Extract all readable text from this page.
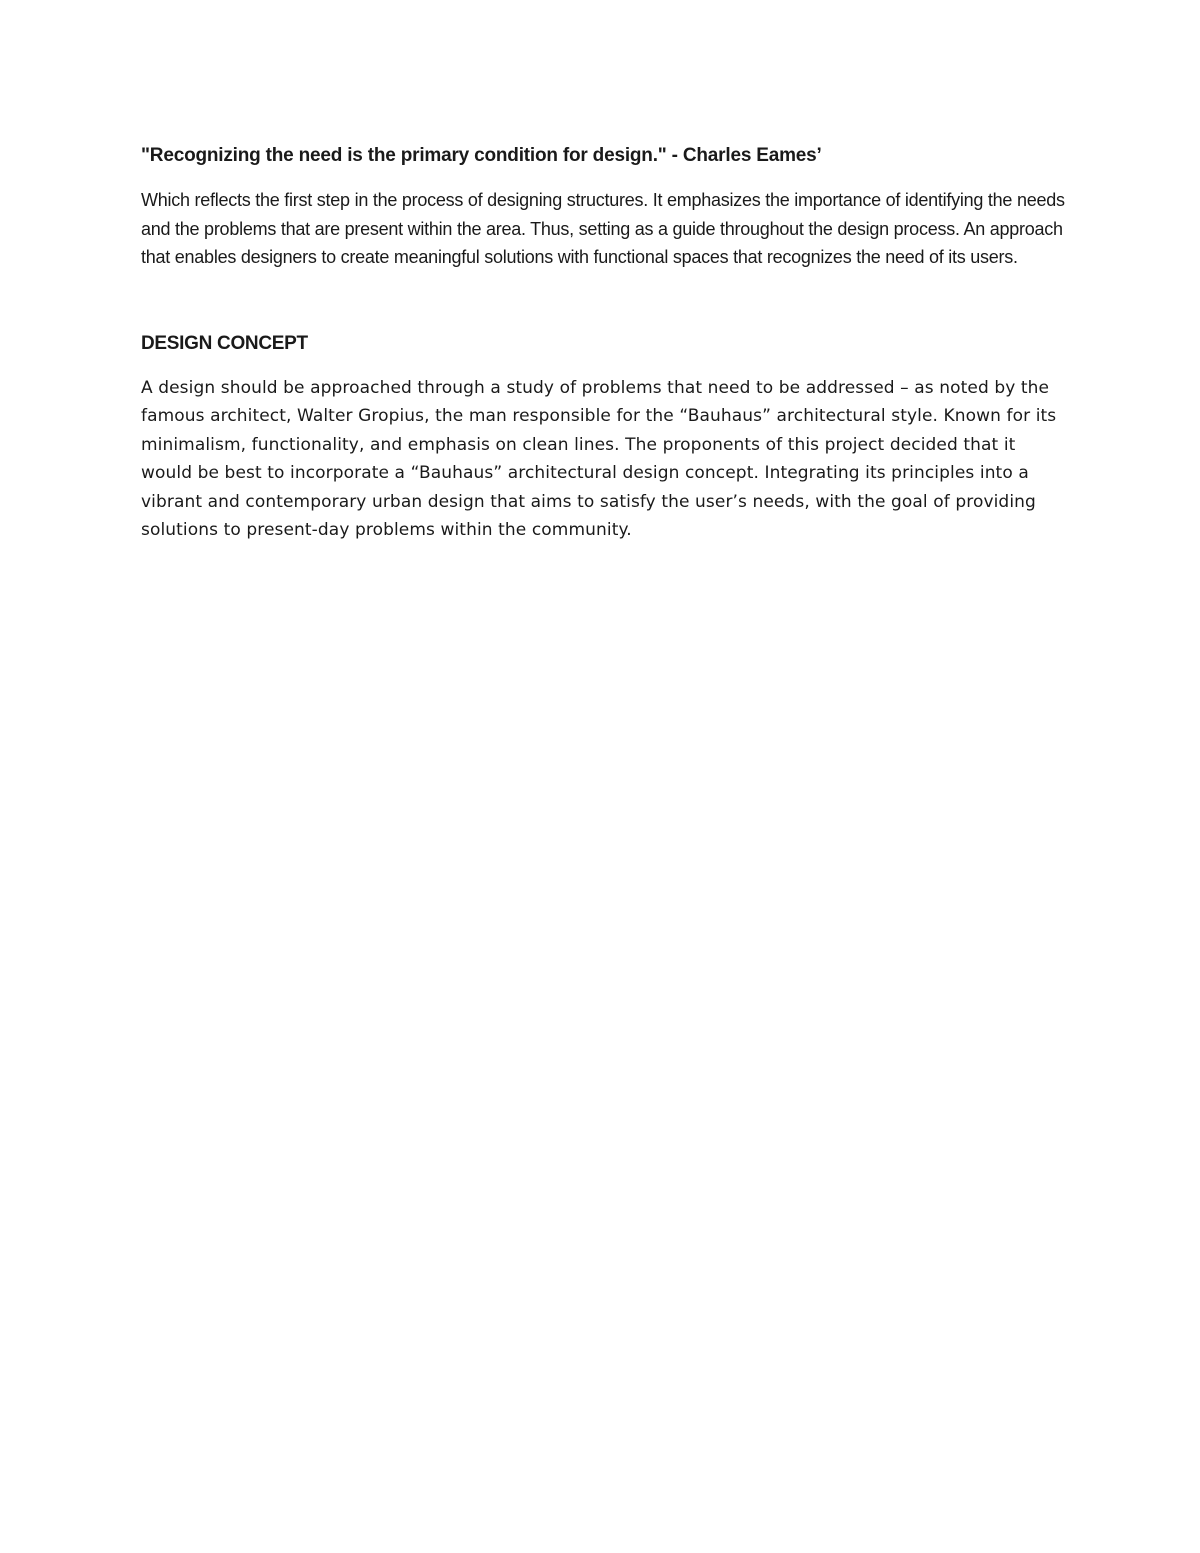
"Recognizing the need is the primary condition for design." - Charles Eames’

Which reflects the first step in the process of designing structures. It emphasizes the importance of identifying the needs and the problems that are present within the area. Thus, setting as a guide throughout the design process. An approach that enables designers to create meaningful solutions with functional spaces that recognizes the need of its users.

DESIGN CONCEPT

A design should be approached through a study of problems that need to be addressed – as noted by the famous architect, Walter Gropius, the man responsible for the “Bauhaus” architectural style. Known for its minimalism, functionality, and emphasis on clean lines. The proponents of this project decided that it would be best to incorporate a “Bauhaus” architectural design concept. Integrating its principles into a vibrant and contemporary urban design that aims to satisfy the user’s needs, with the goal of providing solutions to present-day problems within the community.
